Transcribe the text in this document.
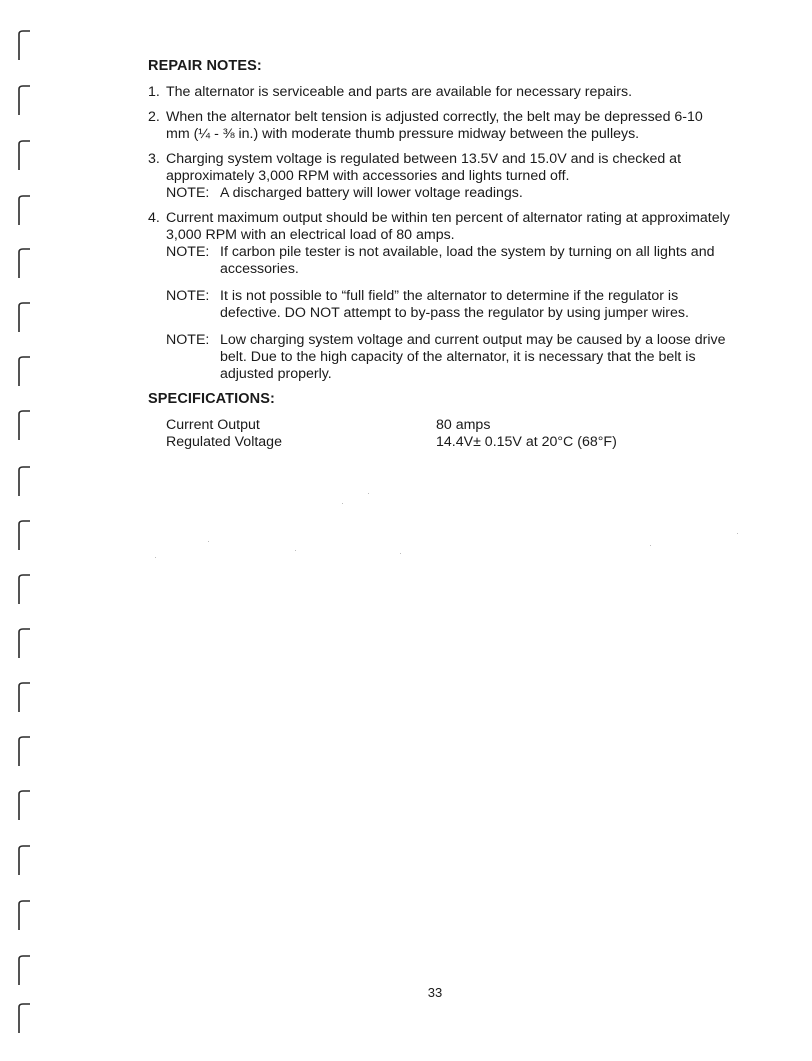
REPAIR NOTES:
1. The alternator is serviceable and parts are available for necessary repairs.
2. When the alternator belt tension is adjusted correctly, the belt may be depressed 6-10 mm (¼ - ⅜ in.) with moderate thumb pressure midway between the pulleys.
3. Charging system voltage is regulated between 13.5V and 15.0V and is checked at approximately 3,000 RPM with accessories and lights turned off.
NOTE: A discharged battery will lower voltage readings.
4. Current maximum output should be within ten percent of alternator rating at approximately 3,000 RPM with an electrical load of 80 amps.
NOTE: If carbon pile tester is not available, load the system by turning on all lights and accessories.
NOTE: It is not possible to “full field” the alternator to determine if the regulator is defective. DO NOT attempt to by-pass the regulator by using jumper wires.
NOTE: Low charging system voltage and current output may be caused by a loose drive belt. Due to the high capacity of the alternator, it is necessary that the belt is adjusted properly.
SPECIFICATIONS:
Current Output	80 amps
Regulated Voltage	14.4V± 0.15V at 20°C (68°F)
33
